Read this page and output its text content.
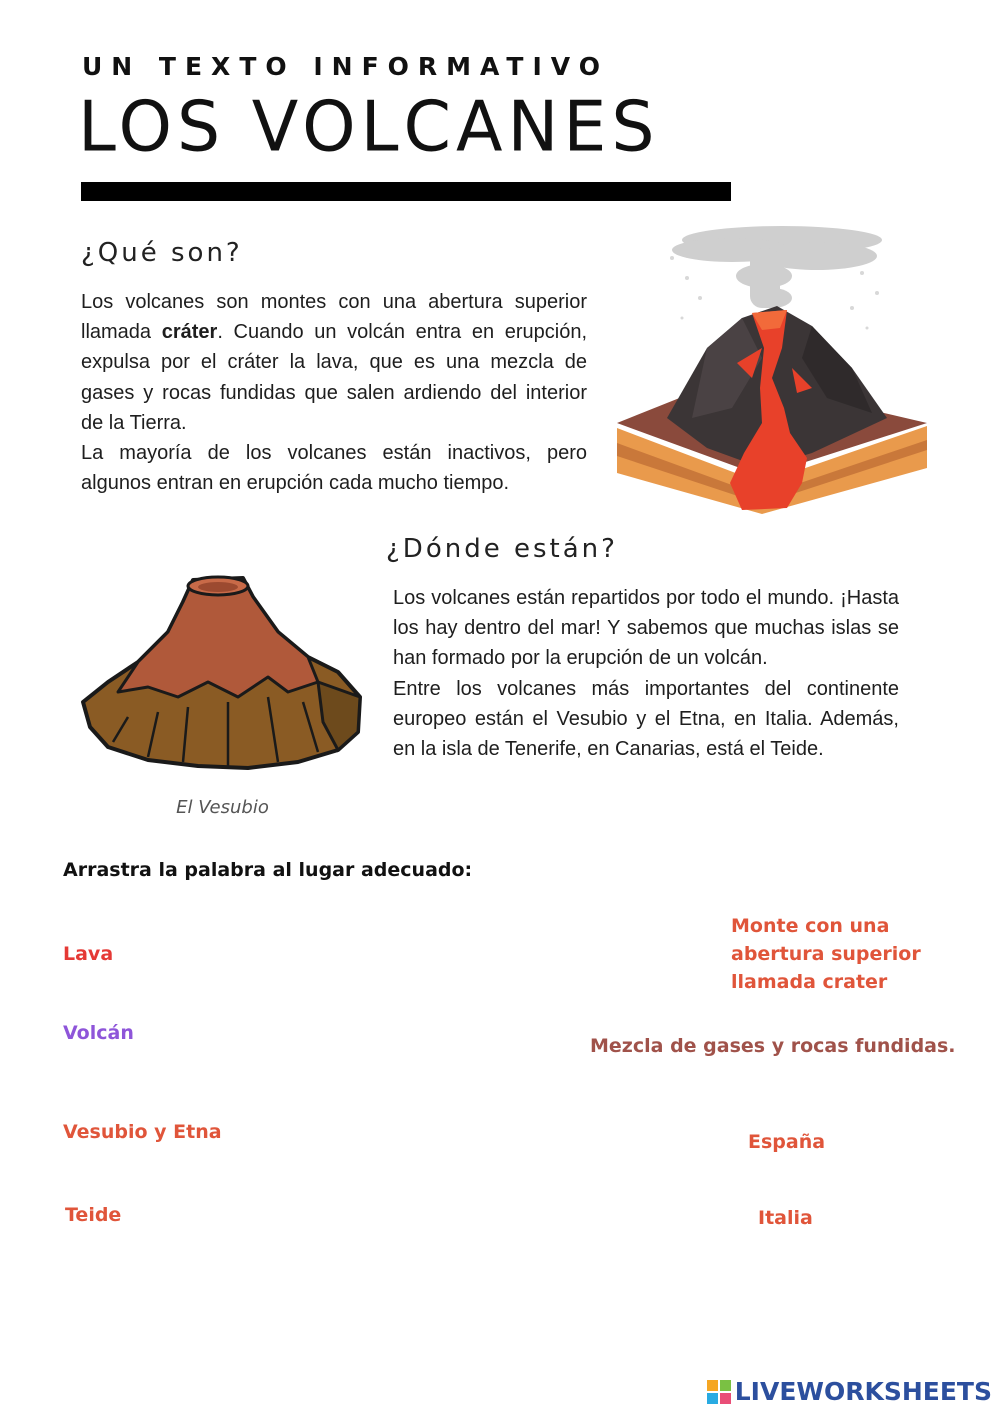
UN TEXTO INFORMATIVO
LOS VOLCANES
¿Qué son?

Los volcanes son montes con una abertura superior llamada cráter. Cuando un volcán entra en erupción, expulsa por el cráter la lava, que es una mezcla de gases y rocas fundidas que salen ardiendo del interior de la Tierra.

La mayoría de los volcanes están inactivos, pero algunos entran en erupción cada mucho tiempo.

¿Dónde están?

Los volcanes están repartidos por todo el mundo. ¡Hasta los hay dentro del mar! Y sabemos que muchas islas se han formado por la erupción de un volcán.

Entre los volcanes más importantes del continente europeo están el Vesubio y el Etna, en Italia. Además, en la isla de Tenerife, en Canarias, está el Teide.

El Vesubio
Arrastra la palabra al lugar adecuado:
Lava
Volcán
Vesubio y Etna
Teide
Monte con una abertura superior llamada crater
Mezcla de gases y rocas fundidas.
España
Italia
LIVEWORKSHEETS
